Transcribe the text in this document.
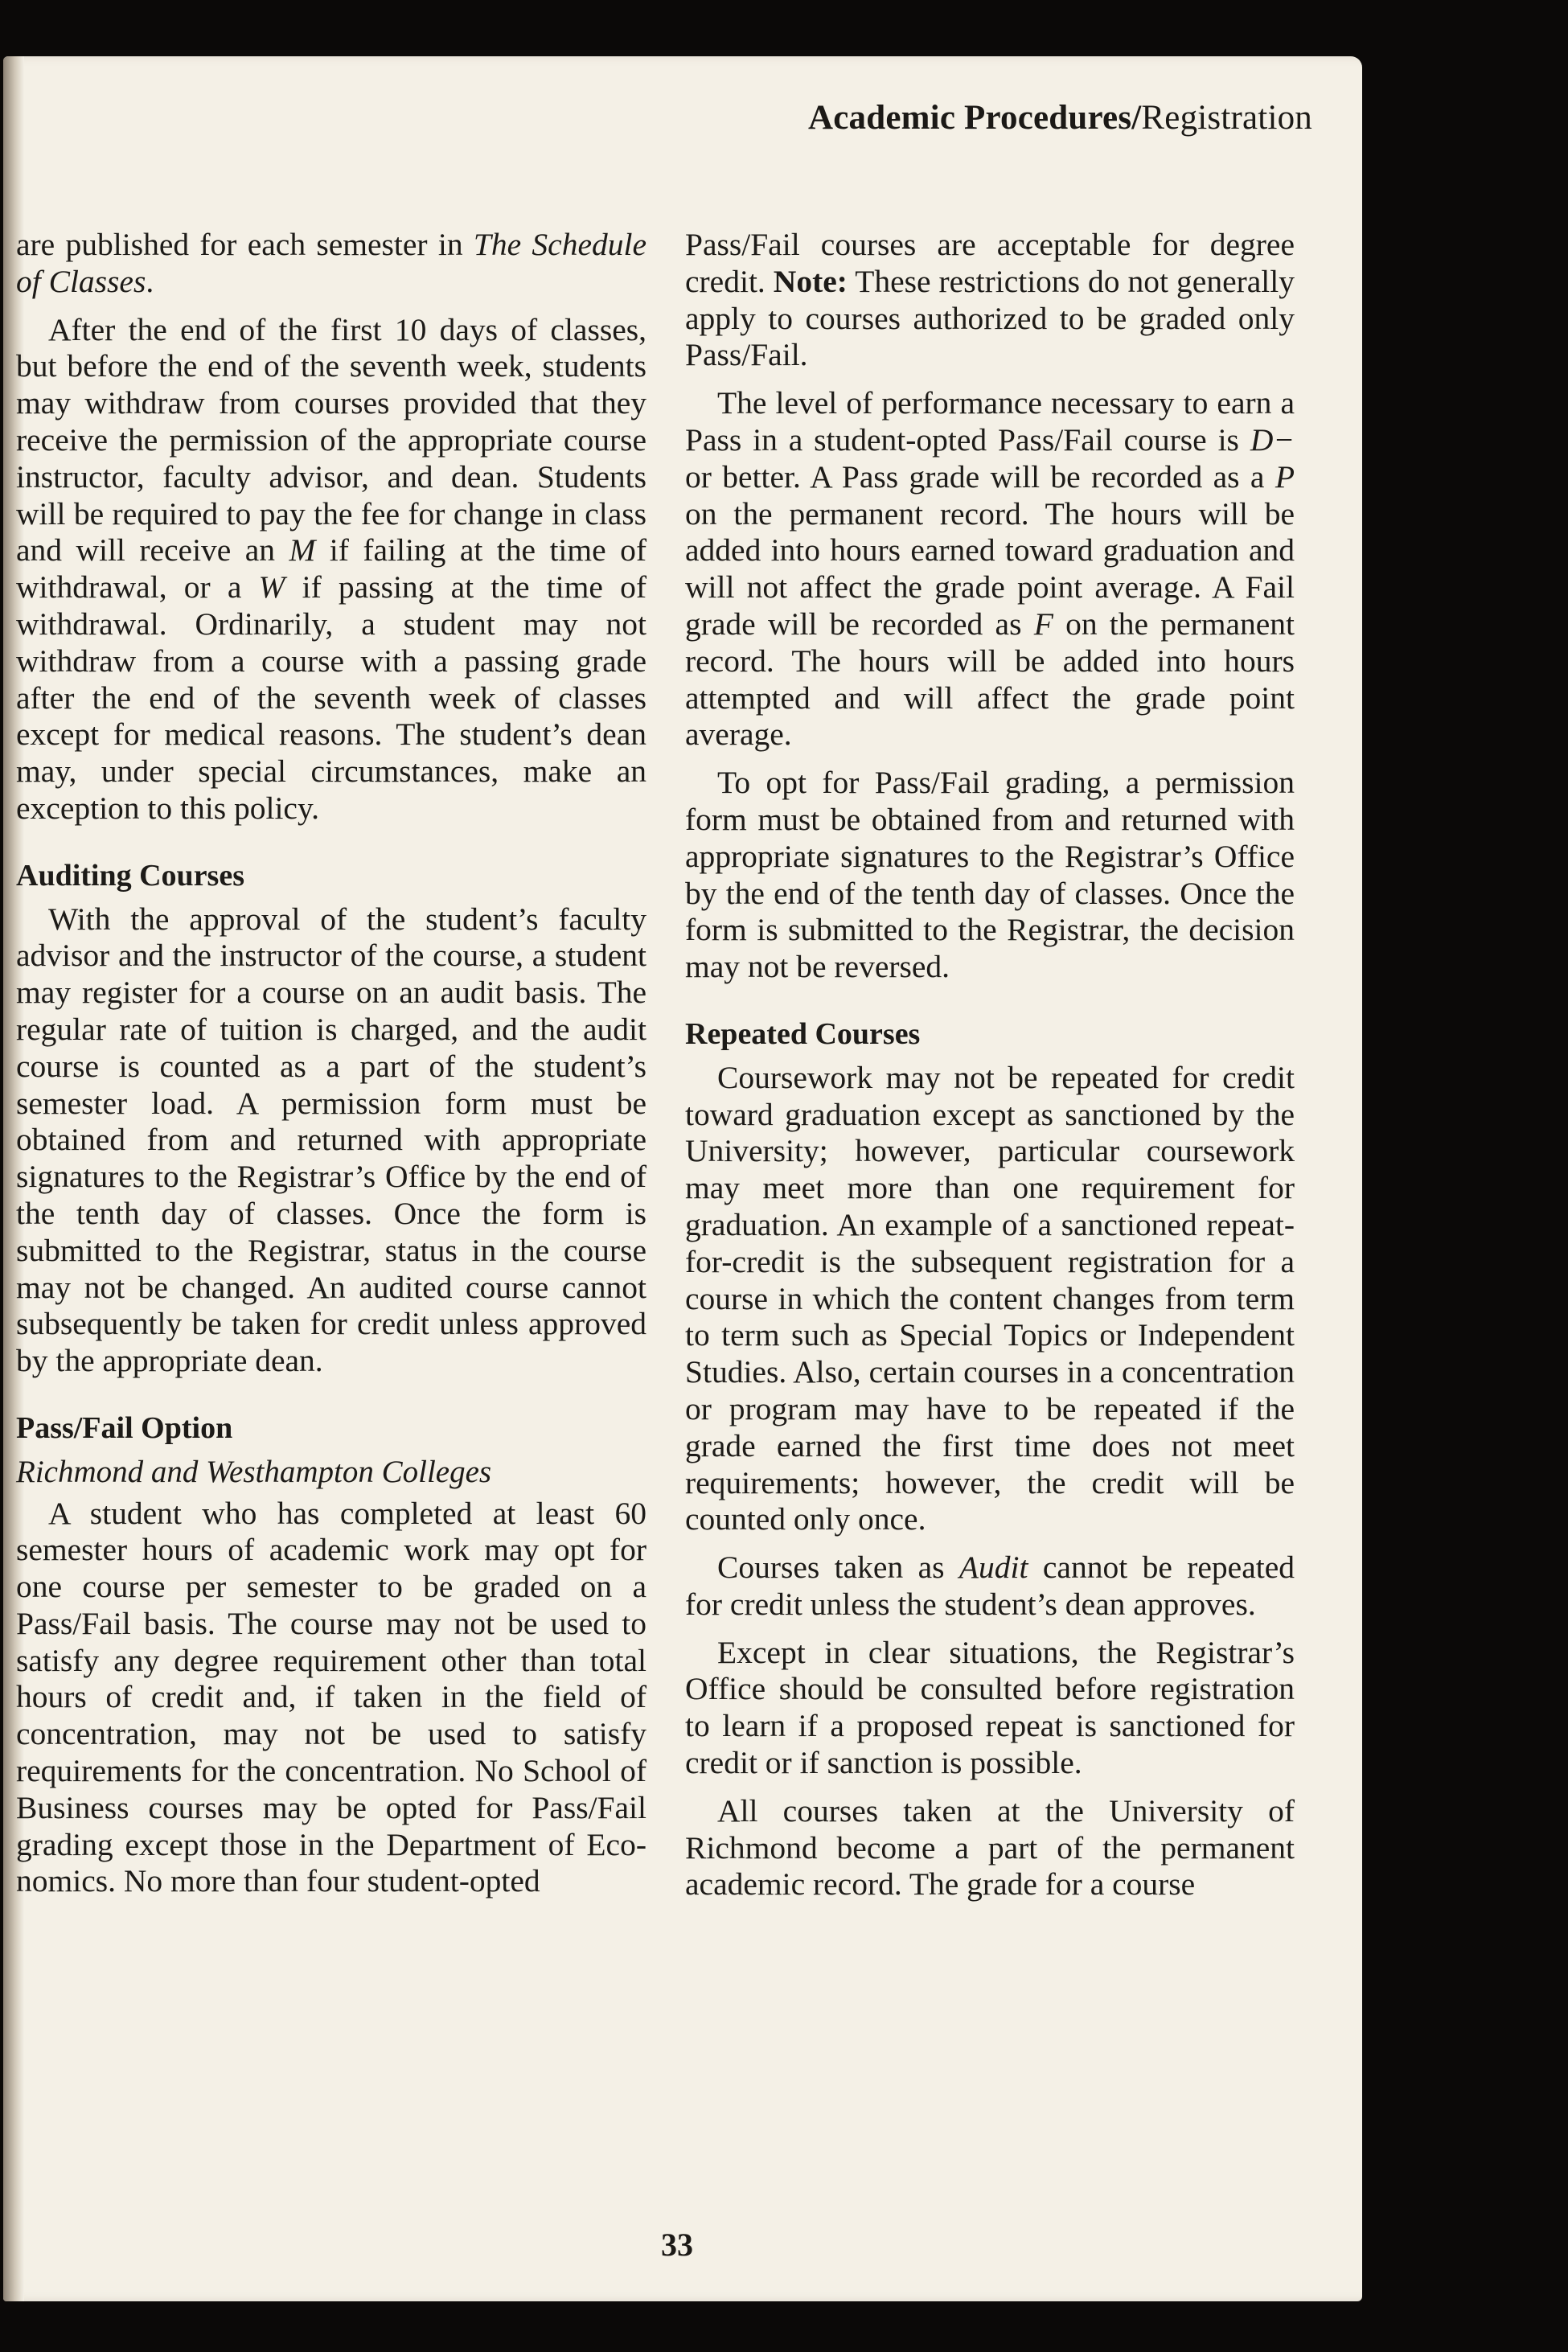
Academic Procedures/Registration

are published for each semester in The Schedule of Classes.

After the end of the first 10 days of classes, but before the end of the seventh week, students may withdraw from courses provided that they receive the permission of the appropriate course instructor, faculty advisor, and dean. Students will be required to pay the fee for change in class and will receive an M if failing at the time of withdrawal, or a W if passing at the time of withdrawal. Ordinarily, a student may not withdraw from a course with a passing grade after the end of the seventh week of classes except for medical reasons. The student’s dean may, under special circumstances, make an exception to this policy.

Auditing Courses

With the approval of the student’s faculty advisor and the instructor of the course, a student may register for a course on an audit basis. The regular rate of tuition is charged, and the audit course is counted as a part of the student’s semester load. A permission form must be obtained from and returned with appropriate signatures to the Registrar’s Office by the end of the tenth day of classes. Once the form is submitted to the Registrar, status in the course may not be changed. An audited course cannot subsequently be taken for credit unless approved by the appropriate dean.

Pass/Fail Option
Richmond and Westhampton Colleges

A student who has completed at least 60 semester hours of academic work may opt for one course per semester to be graded on a Pass/Fail basis. The course may not be used to satisfy any degree requirement other than total hours of credit and, if taken in the field of concentration, may not be used to satisfy requirements for the concentration. No School of Business courses may be opted for Pass/Fail grading except those in the Department of Economics. No more than four student-opted

Pass/Fail courses are acceptable for degree credit. Note: These restrictions do not generally apply to courses authorized to be graded only Pass/Fail.

The level of performance necessary to earn a Pass in a student-opted Pass/Fail course is D− or better. A Pass grade will be recorded as a P on the permanent record. The hours will be added into hours earned toward graduation and will not affect the grade point average. A Fail grade will be recorded as F on the permanent record. The hours will be added into hours attempted and will affect the grade point average.

To opt for Pass/Fail grading, a permission form must be obtained from and returned with appropriate signatures to the Registrar’s Office by the end of the tenth day of classes. Once the form is submitted to the Registrar, the decision may not be reversed.

Repeated Courses

Coursework may not be repeated for credit toward graduation except as sanctioned by the University; however, particular coursework may meet more than one requirement for graduation. An example of a sanctioned repeat-for-credit is the subsequent registration for a course in which the content changes from term to term such as Special Topics or Independent Studies. Also, certain courses in a concentration or program may have to be repeated if the grade earned the first time does not meet requirements; however, the credit will be counted only once.

Courses taken as Audit cannot be repeated for credit unless the student’s dean approves.

Except in clear situations, the Registrar’s Office should be consulted before registration to learn if a proposed repeat is sanctioned for credit or if sanction is possible.

All courses taken at the University of Richmond become a part of the permanent academic record. The grade for a course

33
